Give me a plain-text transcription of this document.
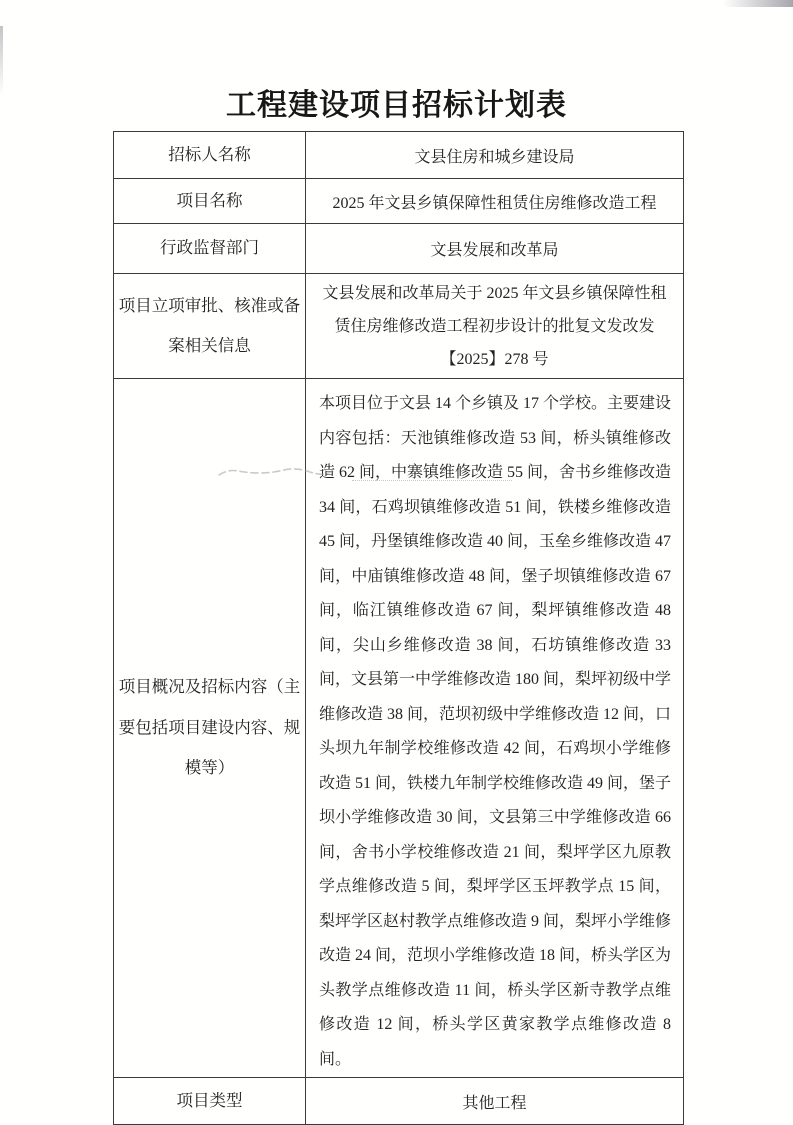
工程建设项目招标计划表
招标人名称	文县住房和城乡建设局
项目名称	2025 年文县乡镇保障性租赁住房维修改造工程
行政监督部门	文县发展和改革局
项目立项审批、核准或备案相关信息	文县发展和改革局关于 2025 年文县乡镇保障性租赁住房维修改造工程初步设计的批复文发改发【2025】278 号
项目概况及招标内容（主要包括项目建设内容、规模等）	本项目位于文县 14 个乡镇及 17 个学校。主要建设内容包括：天池镇维修改造 53 间，桥头镇维修改造 62 间，中寨镇维修改造 55 间，舍书乡维修改造 34 间，石鸡坝镇维修改造 51 间，铁楼乡维修改造 45 间，丹堡镇维修改造 40 间，玉垒乡维修改造 47 间，中庙镇维修改造 48 间，堡子坝镇维修改造 67 间，临江镇维修改造 67 间，梨坪镇维修改造 48 间，尖山乡维修改造 38 间，石坊镇维修改造 33 间，文县第一中学维修改造 180 间，梨坪初级中学维修改造 38 间，范坝初级中学维修改造 12 间，口头坝九年制学校维修改造 42 间，石鸡坝小学维修改造 51 间，铁楼九年制学校维修改造 49 间，堡子坝小学维修改造 30 间，文县第三中学维修改造 66 间，舍书小学校维修改造 21 间，梨坪学区九原教学点维修改造 5 间，梨坪学区玉坪教学点 15 间，梨坪学区赵村教学点维修改造 9 间，梨坪小学维修改造 24 间，范坝小学维修改造 18 间，桥头学区为头教学点维修改造 11 间，桥头学区新寺教学点维修改造 12 间，桥头学区黄家教学点维修改造 8 间。
项目类型	其他工程
